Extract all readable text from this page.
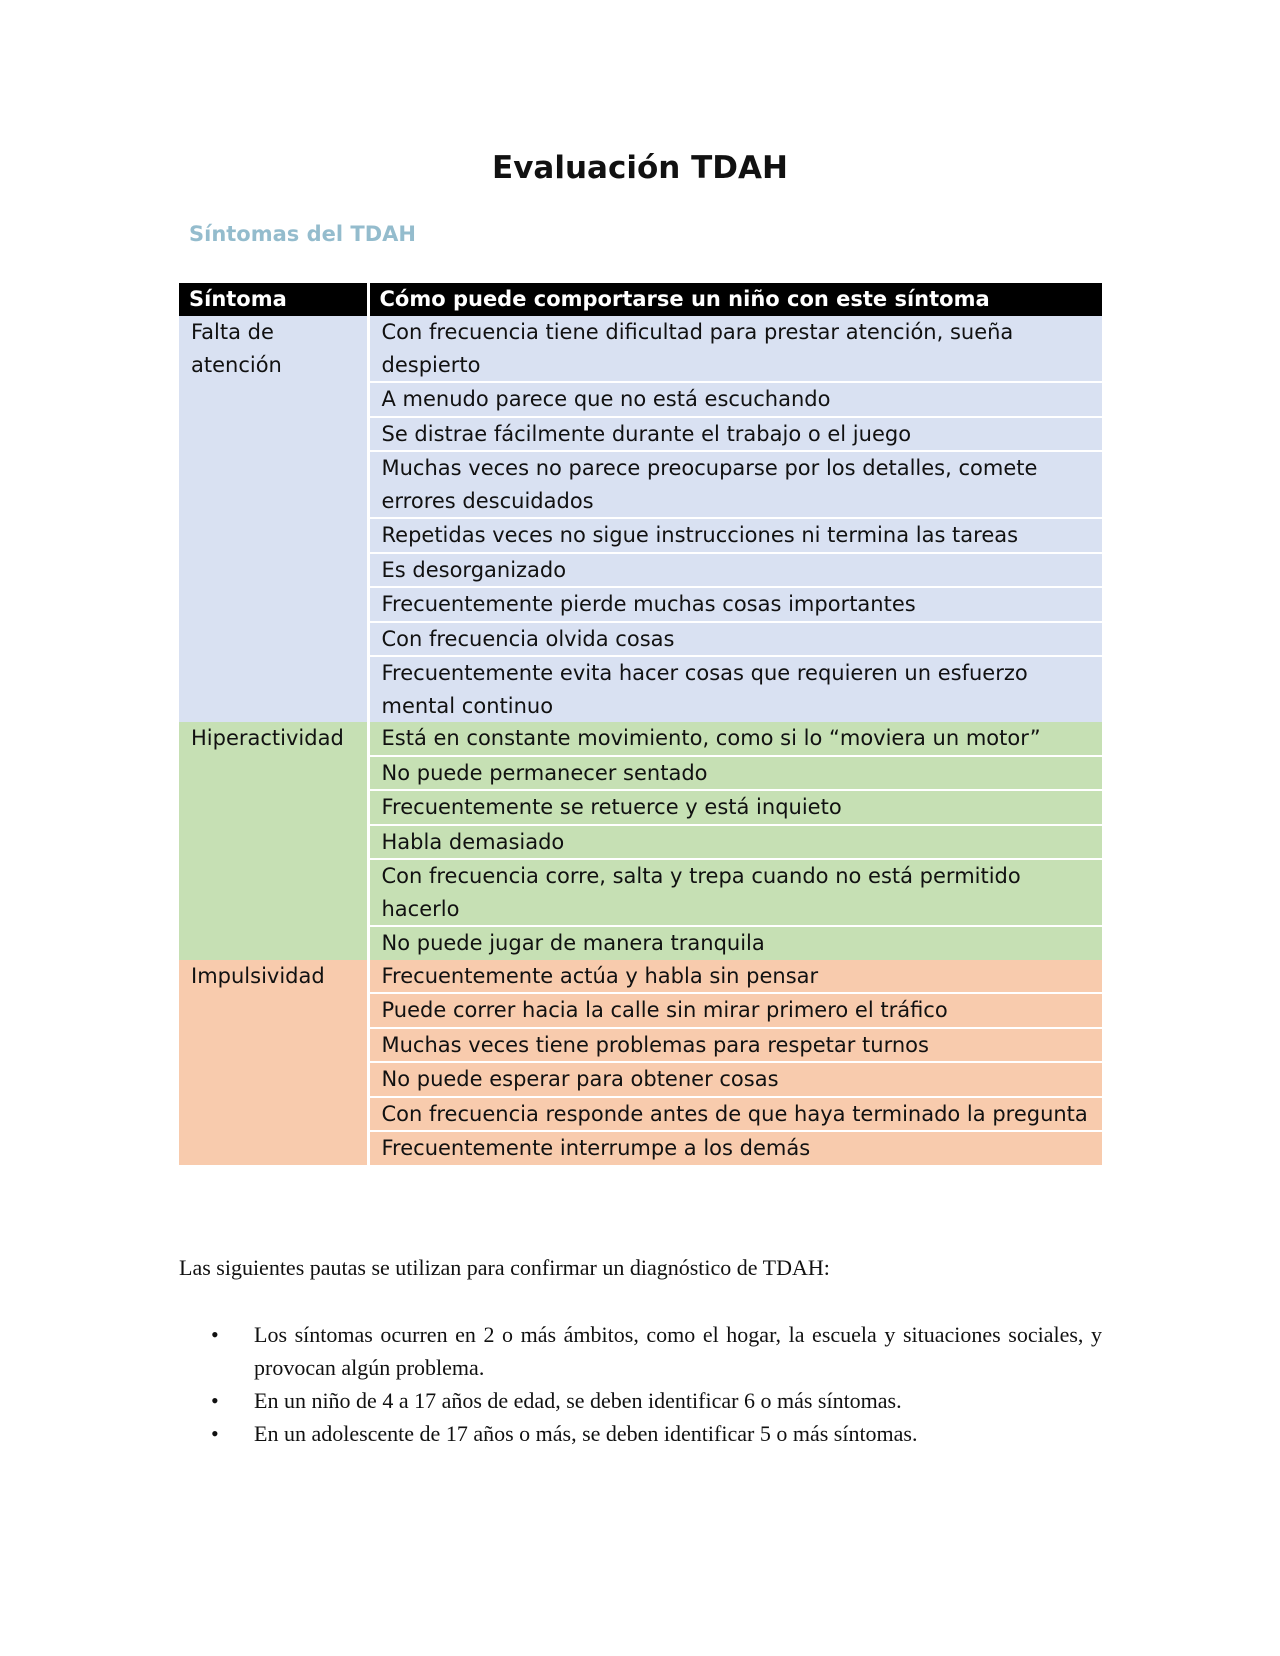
Evaluación TDAH
Síntomas del TDAH
Síntoma	Cómo puede comportarse un niño con este síntoma
Falta de atención	Con frecuencia tiene dificultad para prestar atención, sueña despierto
	A menudo parece que no está escuchando
	Se distrae fácilmente durante el trabajo o el juego
	Muchas veces no parece preocuparse por los detalles, comete errores descuidados
	Repetidas veces no sigue instrucciones ni termina las tareas
	Es desorganizado
	Frecuentemente pierde muchas cosas importantes
	Con frecuencia olvida cosas
	Frecuentemente evita hacer cosas que requieren un esfuerzo mental continuo
Hiperactividad	Está en constante movimiento, como si lo “moviera un motor”
	No puede permanecer sentado
	Frecuentemente se retuerce y está inquieto
	Habla demasiado
	Con frecuencia corre, salta y trepa cuando no está permitido hacerlo
	No puede jugar de manera tranquila
Impulsividad	Frecuentemente actúa y habla sin pensar
	Puede correr hacia la calle sin mirar primero el tráfico
	Muchas veces tiene problemas para respetar turnos
	No puede esperar para obtener cosas
	Con frecuencia responde antes de que haya terminado la pregunta
	Frecuentemente interrumpe a los demás

Las siguientes pautas se utilizan para confirmar un diagnóstico de TDAH:

•	Los síntomas ocurren en 2 o más ámbitos, como el hogar, la escuela y situaciones sociales, y provocan algún problema.
•	En un niño de 4 a 17 años de edad, se deben identificar 6 o más síntomas.
•	En un adolescente de 17 años o más, se deben identificar 5 o más síntomas.
